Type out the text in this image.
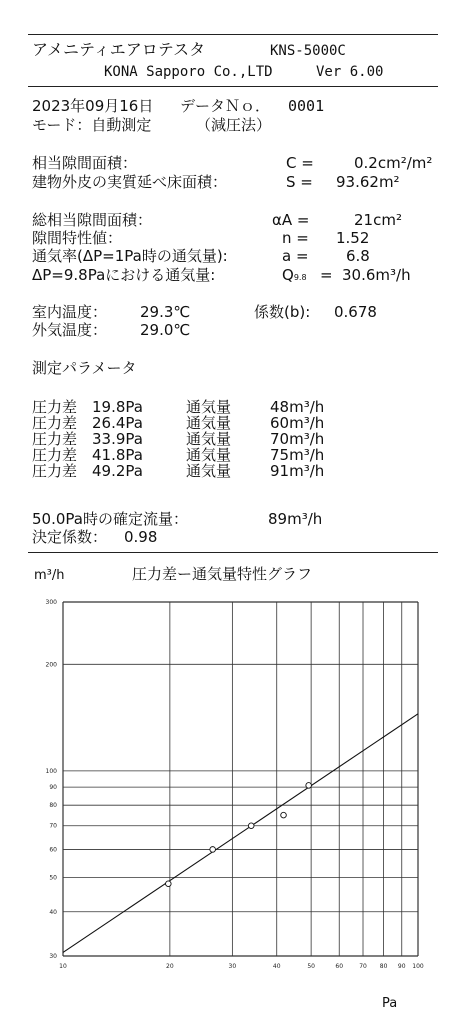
アメニティエアロテスタ	KNS-5000C
KONA Sapporo Co.,LTD	Ver 6.00
2023年09月16日 データＮｏ． 0001
モード：自動測定	（減圧法）
相当隙間面積：	C =	0.2cm²/m²
建物外皮の実質延べ床面積：	S = 93.62m²
総相当隙間面積：	αA =	21cm²
隙間特性値：	n = 1.52
通気率(ΔP=1Pa時の通気量):	a = 6.8
ΔP=9.8Paにおける通気量:	Q9.8 = 30.6m³/h
室内温度： 29.3℃	係数(b): 0.678
外気温度： 29.0℃
測定パラメータ
圧力差 19.8Pa	通気量	48m³/h
圧力差 26.4Pa	通気量	60m³/h
圧力差 33.9Pa	通気量	70m³/h
圧力差 41.8Pa	通気量	75m³/h
圧力差 49.2Pa	通気量	91m³/h
50.0Pa時の確定流量：	89m³/h
決定係数： 0.98
m³/h	圧力差ー通気量特性グラフ
10	20	30	40	50	60	70 80 90 100
30
40
50
60
70
80
90
100
200
300
Pa
